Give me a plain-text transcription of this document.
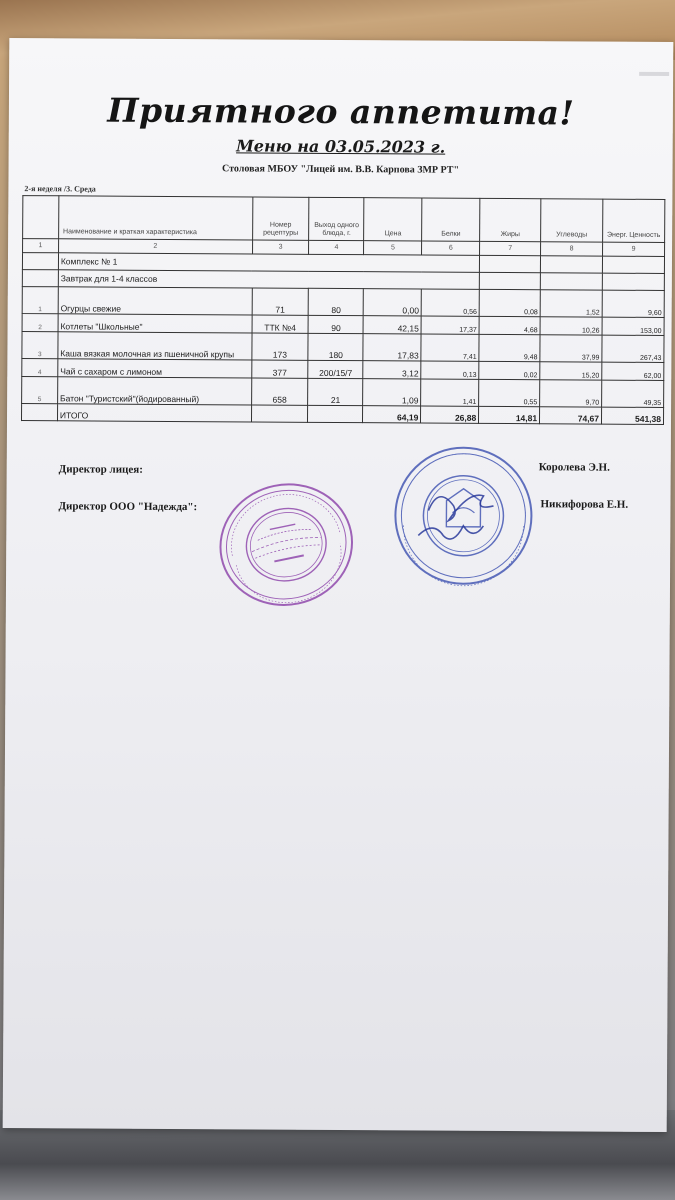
Приятного аппетита!
Меню на 03.05.2023 г.
Столовая МБОУ "Лицей им. В.В. Карпова ЗМР РТ"
2-я неделя /3. Среда
	Наименование и краткая характеристика	Номер рецептуры	Выход одного блюда, г.	Цена	Белки	Жиры	Углеводы	Энерг. Ценность
1	2	3	4	5	6	7	8	9
	Комплекс № 1							
	Завтрак для 1-4 классов							
1	Огурцы свежие	71	80	0,00	0,56	0,08	1,52	9,60
2	Котлеты "Школьные"	ТТК №4	90	42,15	17,37	4,68	10,26	153,00
3	Каша вязкая молочная из пшеничной крупы	173	180	17,83	7,41	9,48	37,99	267,43
4	Чай с сахаром с лимоном	377	200/15/7	3,12	0,13	0,02	15,20	62,00
5	Батон "Туристский"(йодированный)	658	21	1,09	1,41	0,55	9,70	49,35
	ИТОГО			64,19	26,88	14,81	74,67	541,38
Директор лицея:	Королева Э.Н.
Директор ООО "Надежда":	Никифорова Е.Н.
